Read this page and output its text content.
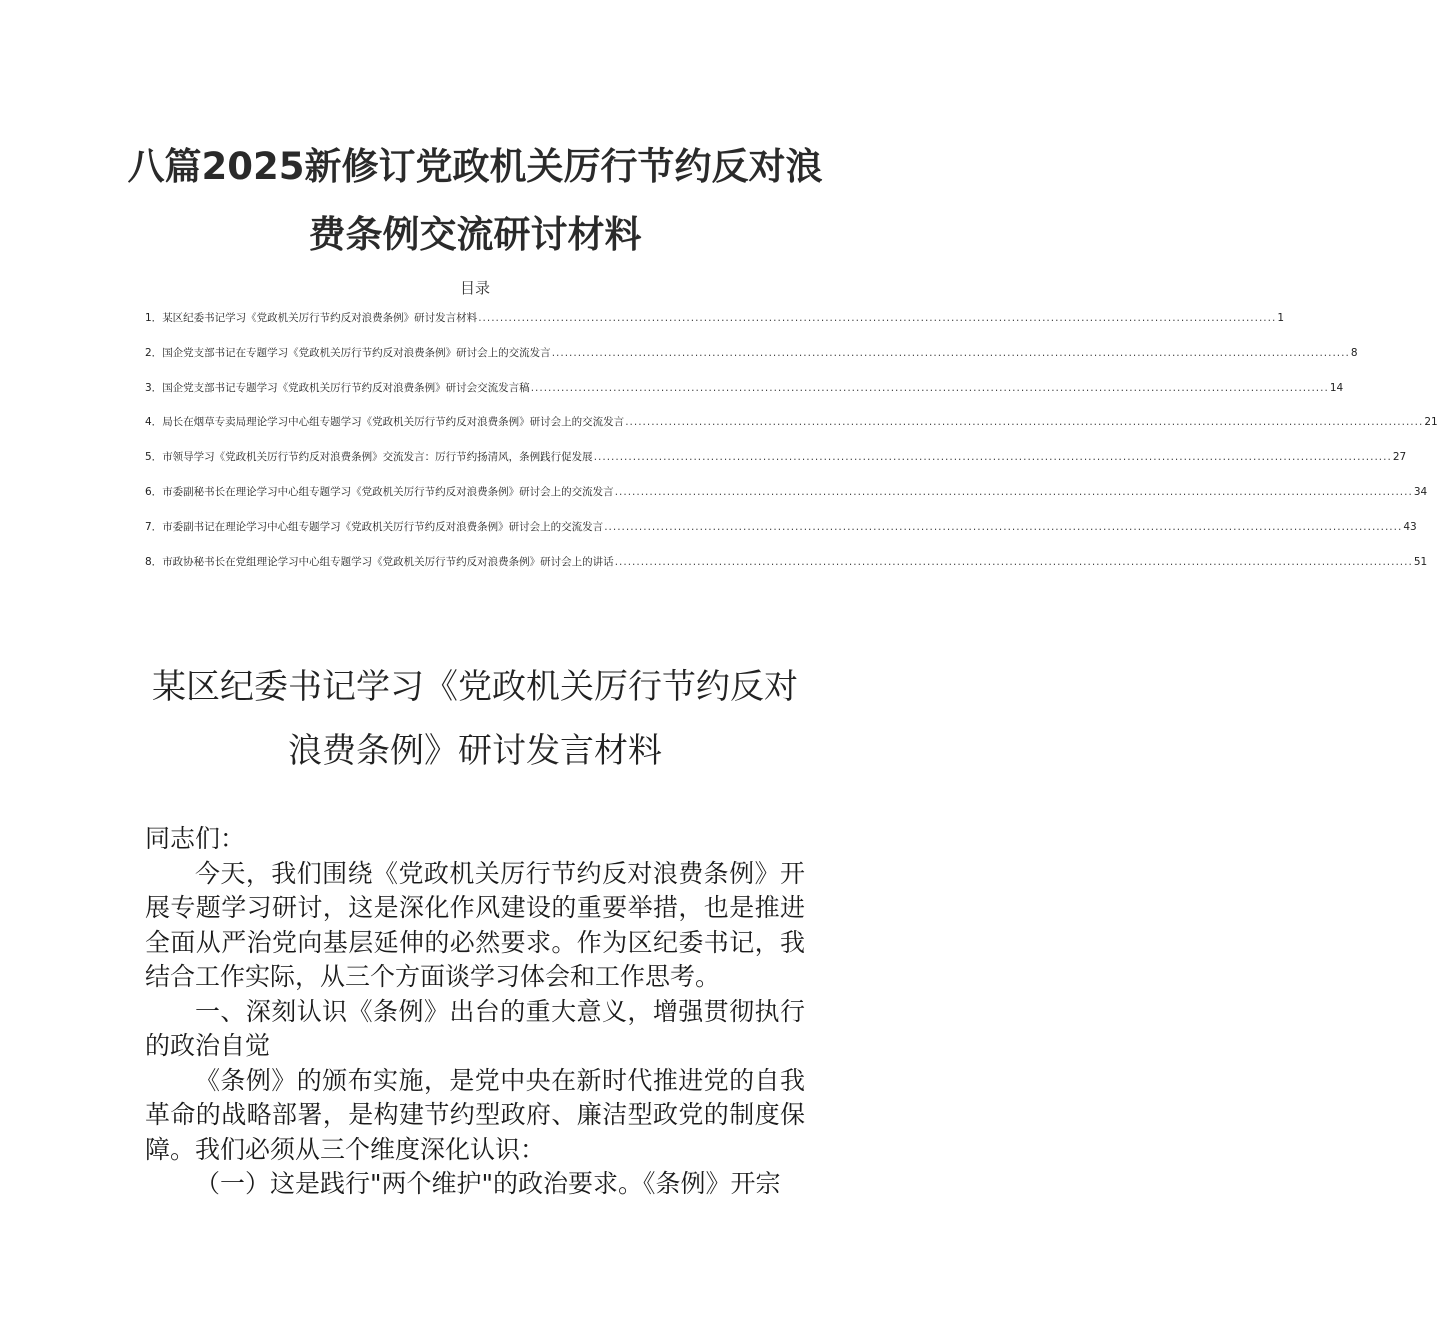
八篇2025新修订党政机关厉行节约反对浪费条例交流研讨材料
目录
1． 某区纪委书记学习《党政机关厉行节约反对浪费条例》研讨发言材料 .....	1
2． 国企党支部书记在专题学习《党政机关厉行节约反对浪费条例》研讨会上的交流发言 .....	8
3． 国企党支部书记专题学习《党政机关厉行节约反对浪费条例》研讨会交流发言稿 .....	14
4． 局长在烟草专卖局理论学习中心组专题学习《党政机关厉行节约反对浪费条例》研讨会上的交流发言 .....	21
5． 市领导学习《党政机关厉行节约反对浪费条例》交流发言：厉行节约扬清风，条例践行促发展 .....	27
6． 市委副秘书长在理论学习中心组专题学习《党政机关厉行节约反对浪费条例》研讨会上的交流发言 .....	34
7． 市委副书记在理论学习中心组专题学习《党政机关厉行节约反对浪费条例》研讨会上的交流发言 .....	43
8． 市政协秘书长在党组理论学习中心组专题学习《党政机关厉行节约反对浪费条例》研讨会上的讲话 .....	51
某区纪委书记学习《党政机关厉行节约反对浪费条例》研讨发言材料

同志们：

今天，我们围绕《党政机关厉行节约反对浪费条例》开展专题学习研讨，这是深化作风建设的重要举措，也是推进全面从严治党向基层延伸的必然要求。作为区纪委书记，我结合工作实际，从三个方面谈学习体会和工作思考。

一、深刻认识《条例》出台的重大意义，增强贯彻执行的政治自觉

《条例》的颁布实施，是党中央在新时代推进党的自我革命的战略部署，是构建节约型政府、廉洁型政党的制度保障。我们必须从三个维度深化认识：

（一）这是践行"两个维护"的政治要求。《条例》开宗
